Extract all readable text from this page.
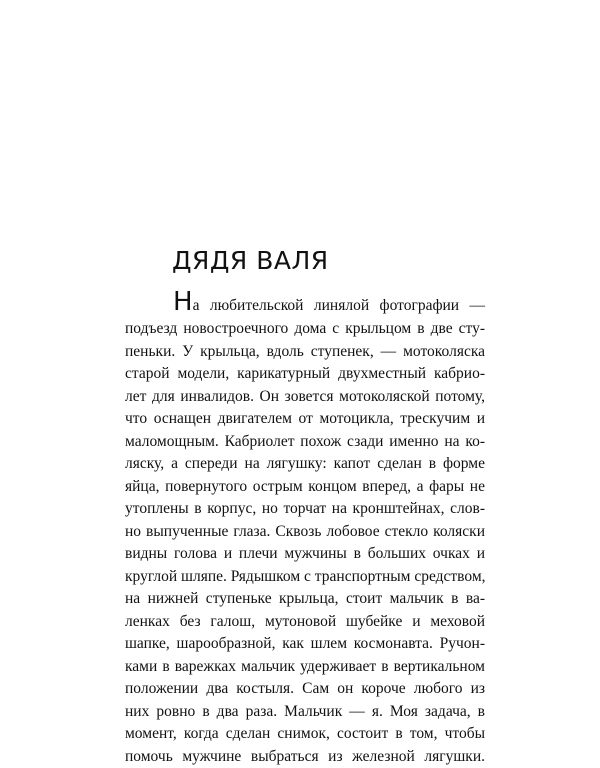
ДЯДЯ ВАЛЯ
На любительской линялой фотографии —
подъезд новостроечного дома с крыльцом в две сту-
пеньки. У крыльца, вдоль ступенек, — мотоколяска
старой модели, карикатурный двухместный кабрио-
лет для инвалидов. Он зовется мотоколяской потому,
что оснащен двигателем от мотоцикла, трескучим и
маломощным. Кабриолет похож сзади именно на ко-
ляску, а спереди на лягушку: капот сделан в форме
яйца, повернутого острым концом вперед, а фары не
утоплены в корпус, но торчат на кронштейнах, слов-
но выпученные глаза. Сквозь лобовое стекло коляски
видны голова и плечи мужчины в больших очках и
круглой шляпе. Рядышком с транспортным средством,
на нижней ступеньке крыльца, стоит мальчик в ва-
ленках без галош, мутоновой шубейке и меховой
шапке, шарообразной, как шлем космонавта. Ручон-
ками в варежках мальчик удерживает в вертикальном
положении два костыля. Сам он короче любого из
них ровно в два раза. Мальчик — я. Моя задача, в
момент, когда сделан снимок, состоит в том, чтобы
помочь мужчине выбраться из железной лягушки.
